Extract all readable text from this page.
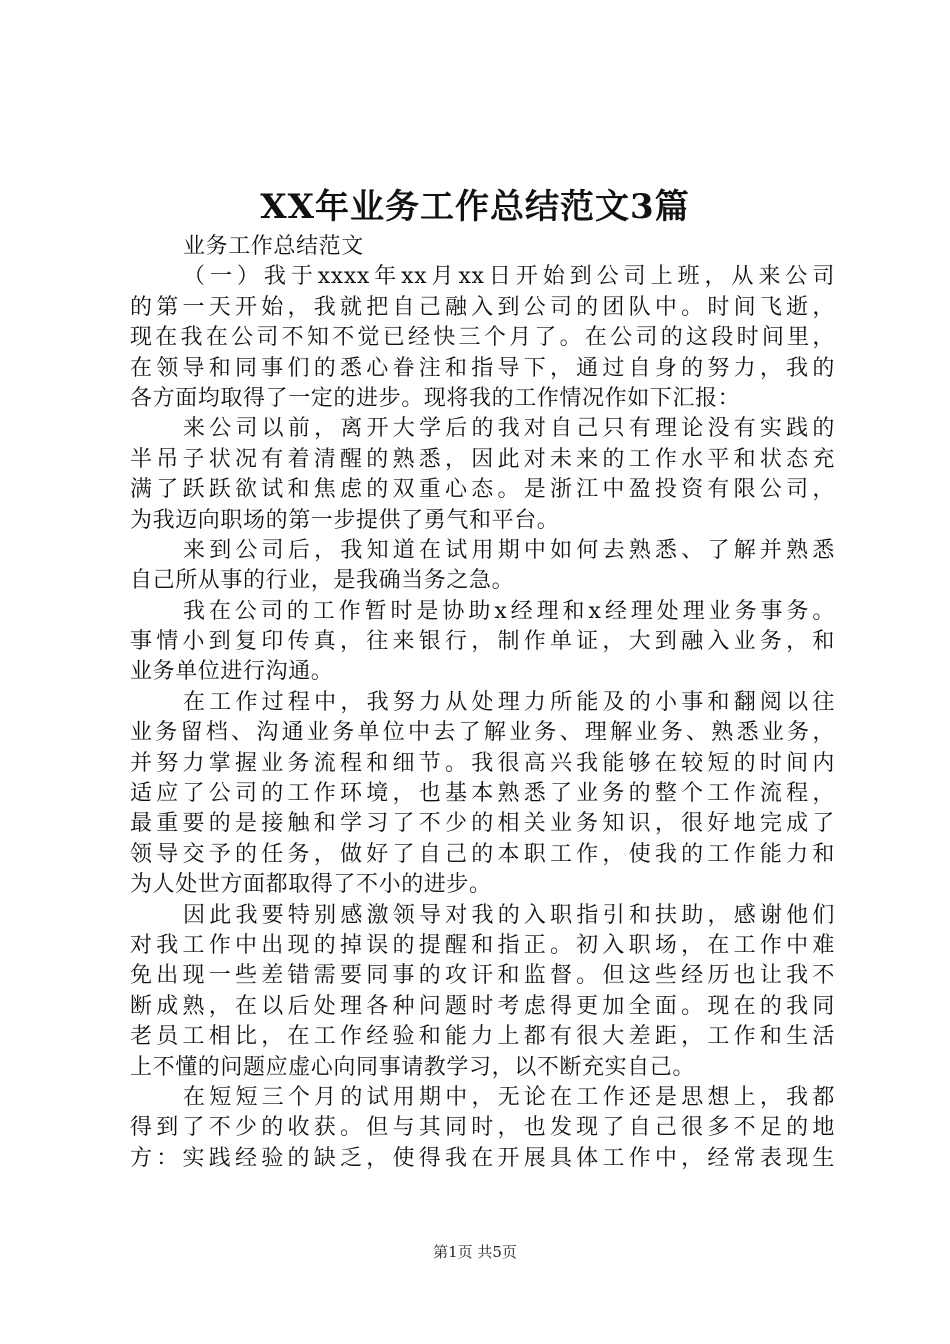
XX年业务工作总结范文3篇
业务工作总结范文
（一）我于xxxx年xx月xx日开始到公司上班，从来公司
的第一天开始，我就把自己融入到公司的团队中。时间飞逝，
现在我在公司不知不觉已经快三个月了。在公司的这段时间里，
在领导和同事们的悉心眷注和指导下，通过自身的努力，我的
各方面均取得了一定的进步。现将我的工作情况作如下汇报：
来公司以前，离开大学后的我对自己只有理论没有实践的
半吊子状况有着清醒的熟悉，因此对未来的工作水平和状态充
满了跃跃欲试和焦虑的双重心态。是浙江中盈投资有限公司，
为我迈向职场的第一步提供了勇气和平台。
来到公司后，我知道在试用期中如何去熟悉、了解并熟悉
自己所从事的行业，是我确当务之急。
我在公司的工作暂时是协助x经理和x经理处理业务事务。
事情小到复印传真，往来银行，制作单证，大到融入业务，和
业务单位进行沟通。
在工作过程中，我努力从处理力所能及的小事和翻阅以往
业务留档、沟通业务单位中去了解业务、理解业务、熟悉业务，
并努力掌握业务流程和细节。我很高兴我能够在较短的时间内
适应了公司的工作环境，也基本熟悉了业务的整个工作流程，
最重要的是接触和学习了不少的相关业务知识，很好地完成了
领导交予的任务，做好了自己的本职工作，使我的工作能力和
为人处世方面都取得了不小的进步。
因此我要特别感激领导对我的入职指引和扶助，感谢他们
对我工作中出现的掉误的提醒和指正。初入职场，在工作中难
免出现一些差错需要同事的攻讦和监督。但这些经历也让我不
断成熟，在以后处理各种问题时考虑得更加全面。现在的我同
老员工相比，在工作经验和能力上都有很大差距，工作和生活
上不懂的问题应虚心向同事请教学习，以不断充实自己。
在短短三个月的试用期中，无论在工作还是思想上，我都
得到了不少的收获。但与其同时，也发现了自己很多不足的地
方：实践经验的缺乏，使得我在开展具体工作中，经常表现生
第1页 共5页
